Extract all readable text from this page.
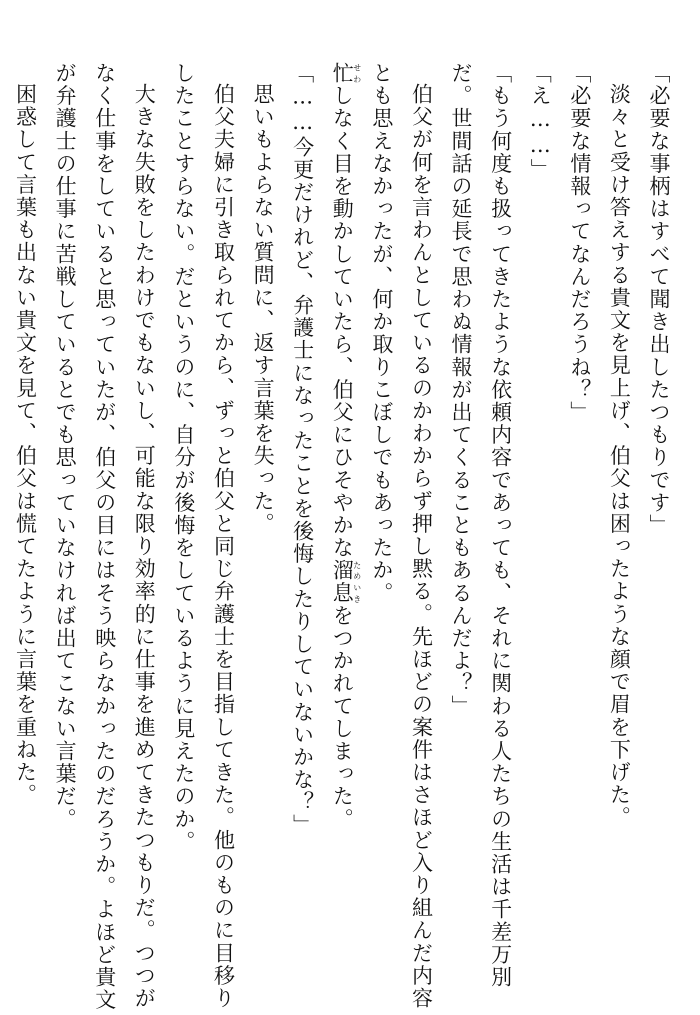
「必要な事柄はすべて聞き出したつもりです」
淡々と受け答えする貴文を見上げ、伯父は困ったような顔で眉を下げた。
「必要な情報ってなんだろうね？」
「え……」
「もう何度も扱ってきたような依頼内容であっても、それに関わる人たちの生活は千差万別
だ。世間話の延長で思わぬ情報が出てくることもあるんだよ？」
伯父が何を言わんとしているのかわからず押し黙る。先ほどの案件はさほど入り組んだ内容
とも思えなかったが、何か取りこぼしでもあったか。
忙せわしなく目を動かしていたら、伯父にひそやかな溜息ためいきをつかれてしまった。
「……今更だけれど、弁護士になったことを後悔したりしていないかな？」
思いもよらない質問に、返す言葉を失った。
伯父夫婦に引き取られてから、ずっと伯父と同じ弁護士を目指してきた。他のものに目移り
したことすらない。だというのに、自分が後悔をしているように見えたのか。
大きな失敗をしたわけでもないし、可能な限り効率的に仕事を進めてきたつもりだ。つつが
なく仕事をしていると思っていたが、伯父の目にはそう映らなかったのだろうか。よほど貴文
が弁護士の仕事に苦戦しているとでも思っていなければ出てこない言葉だ。
困惑して言葉も出ない貴文を見て、伯父は慌てたように言葉を重ねた。
